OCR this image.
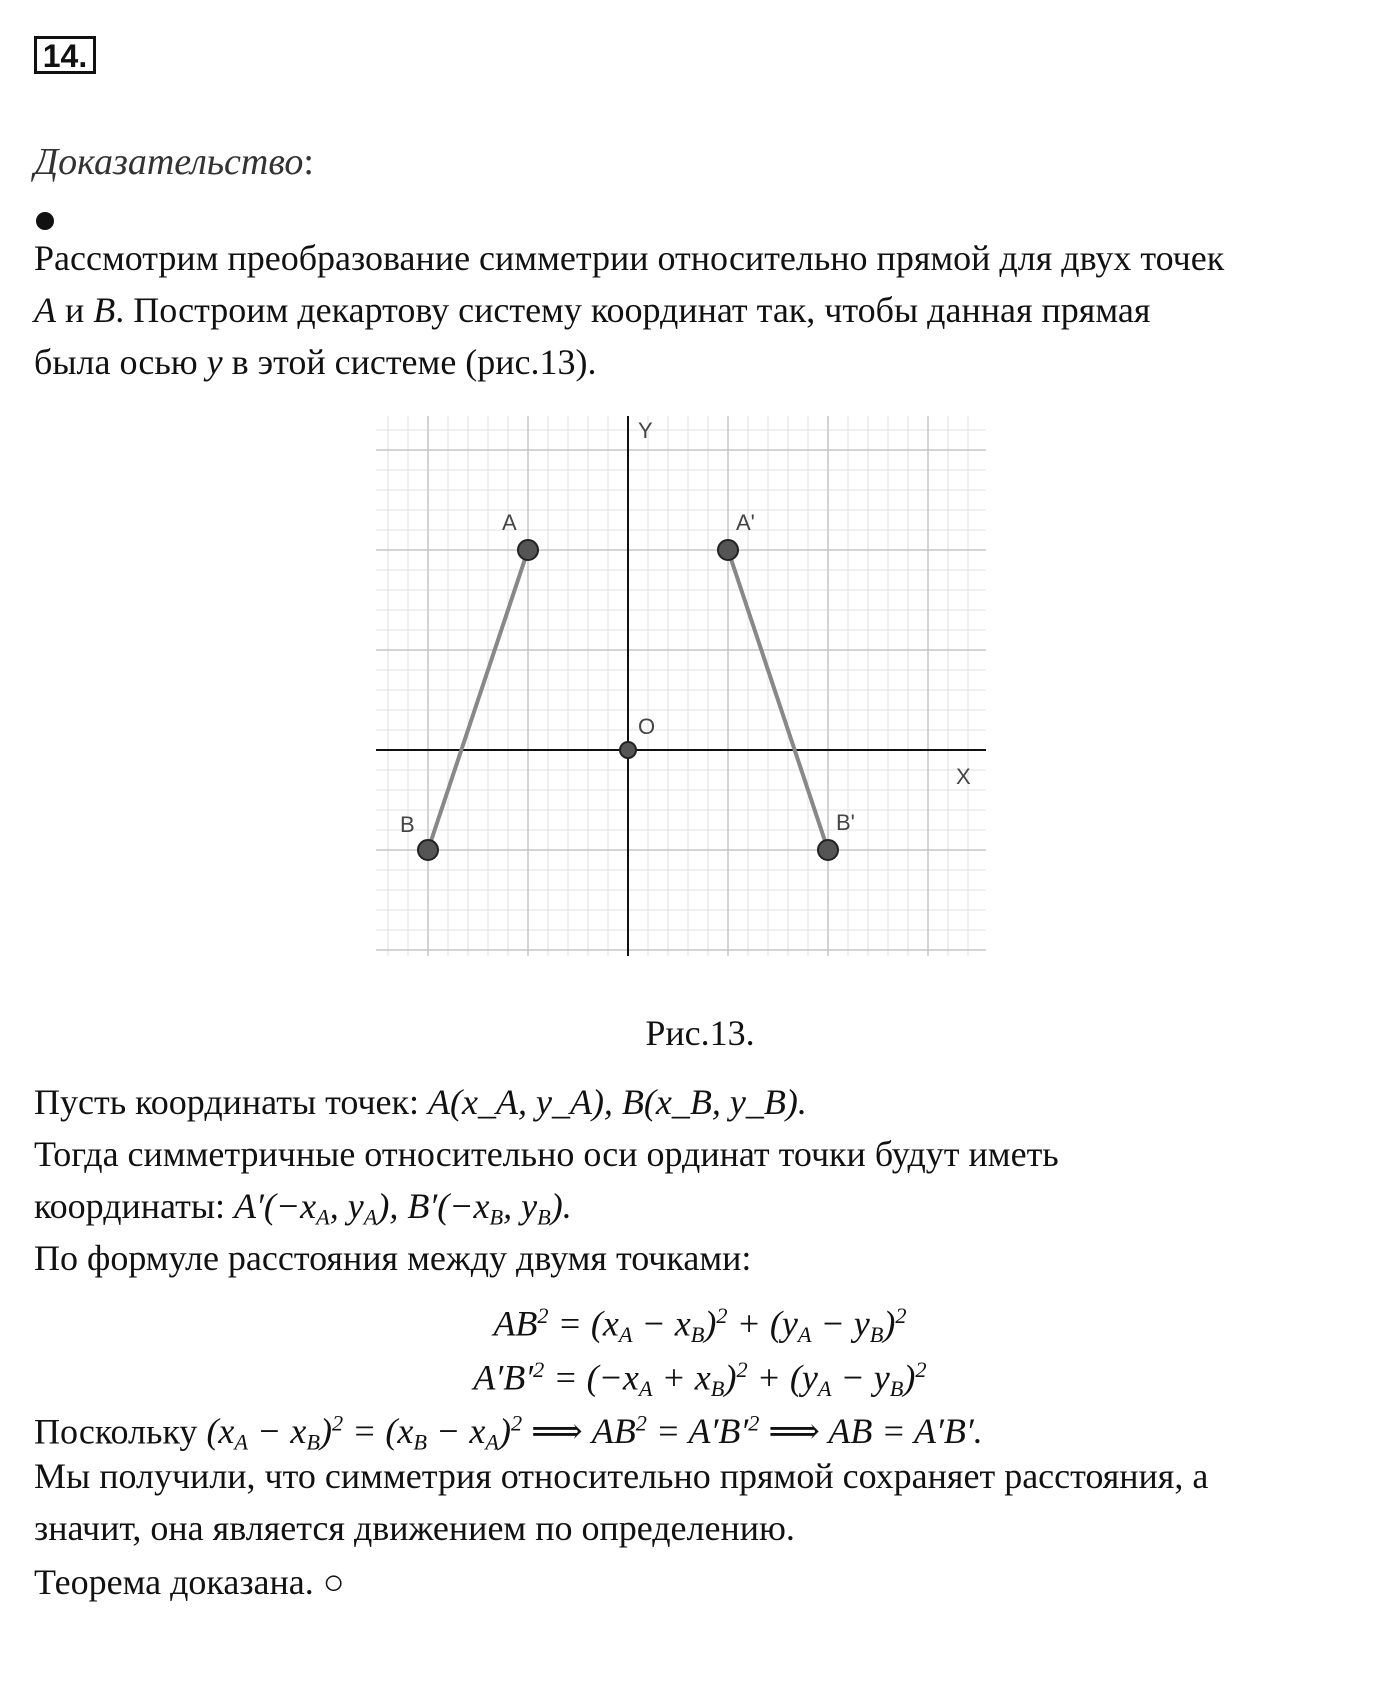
14.
Доказательство:
Рассмотрим преобразование симметрии относительно прямой для двух точек
A и B. Построим декартову систему координат так, чтобы данная прямая
была осью y в этой системе (рис.13).
Y
X
O
A
B
A'
B'
Рис.13.
Пусть координаты точек: A(x_A, y_A), B(x_B, y_B).
Тогда симметричные относительно оси ординат точки будут иметь
координаты: $A'(-x_A$, $y_A$), $B'(-x_B$, $y_B$).
По формуле расстояния между двумя точками:
$AB^2 = (x_A - x_B)^2 + (y_A - y_B)^2$
$A'B'^2 = (-x_A + x_B)^2 + (y_A - y_B)^2$
Поскольку $(x_A - x_B)^2 = (x_B - x_A)^2$ ⟹ $AB^2 = A'B'^2$ ⟹ AB = A′B′.
Мы получили, что симметрия относительно прямой сохраняет расстояния, а
значит, она является движением по определению.
Теорема доказана. ○
